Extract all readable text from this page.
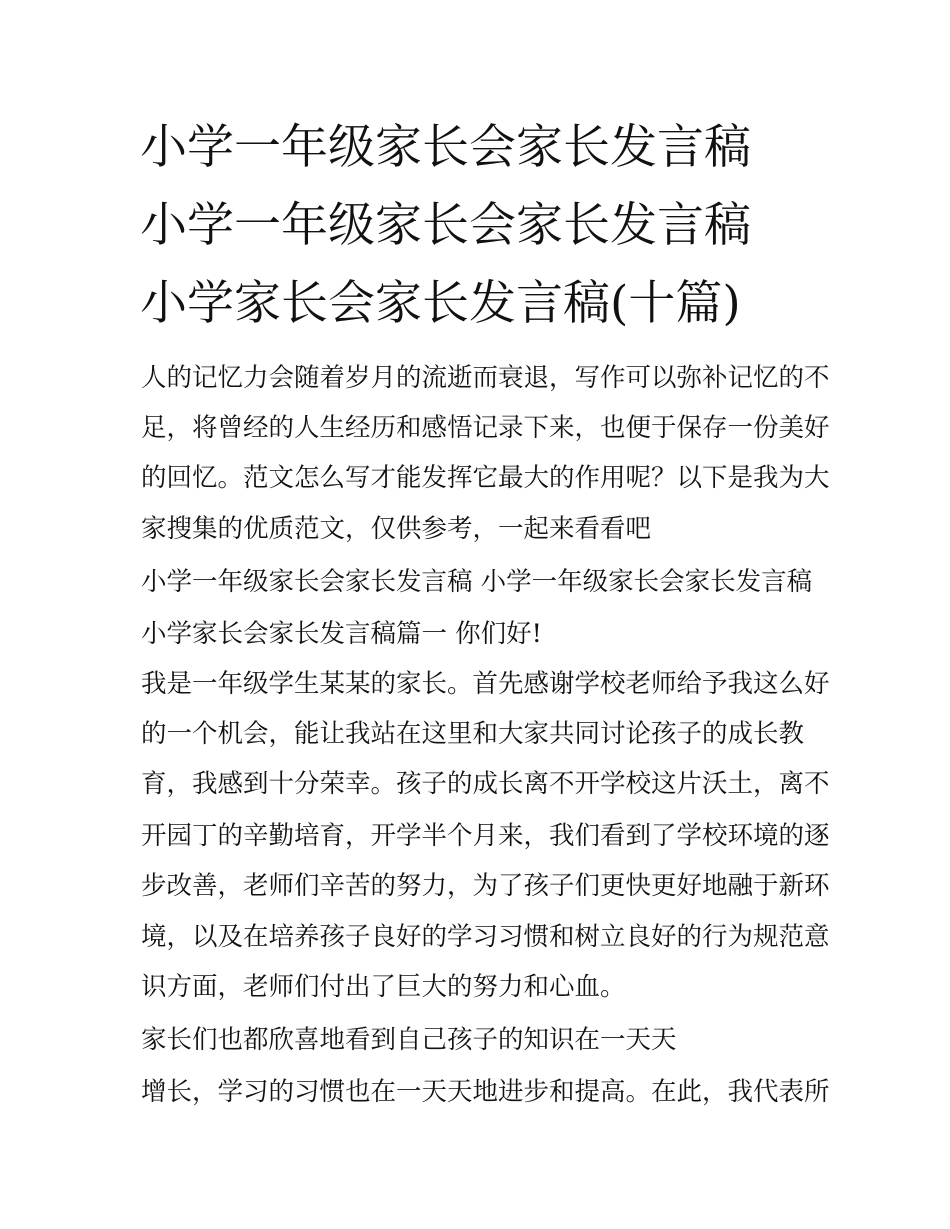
小学一年级家长会家长发言稿
小学一年级家长会家长发言稿
小学家长会家长发言稿(十篇)

人的记忆力会随着岁月的流逝而衰退，写作可以弥补记忆的不

足，将曾经的人生经历和感悟记录下来，也便于保存一份美好

的回忆。范文怎么写才能发挥它最大的作用呢？以下是我为大

家搜集的优质范文，仅供参考，一起来看看吧

小学一年级家长会家长发言稿 小学一年级家长会家长发言稿

小学家长会家长发言稿篇一 你们好!

我是一年级学生某某的家长。首先感谢学校老师给予我这么好

的一个机会，能让我站在这里和大家共同讨论孩子的成长教

育，我感到十分荣幸。孩子的成长离不开学校这片沃土，离不

开园丁的辛勤培育，开学半个月来，我们看到了学校环境的逐

步改善，老师们辛苦的努力，为了孩子们更快更好地融于新环

境，以及在培养孩子良好的学习习惯和树立良好的行为规范意

识方面，老师们付出了巨大的努力和心血。

家长们也都欣喜地看到自己孩子的知识在一天天

增长，学习的习惯也在一天天地进步和提高。在此，我代表所
